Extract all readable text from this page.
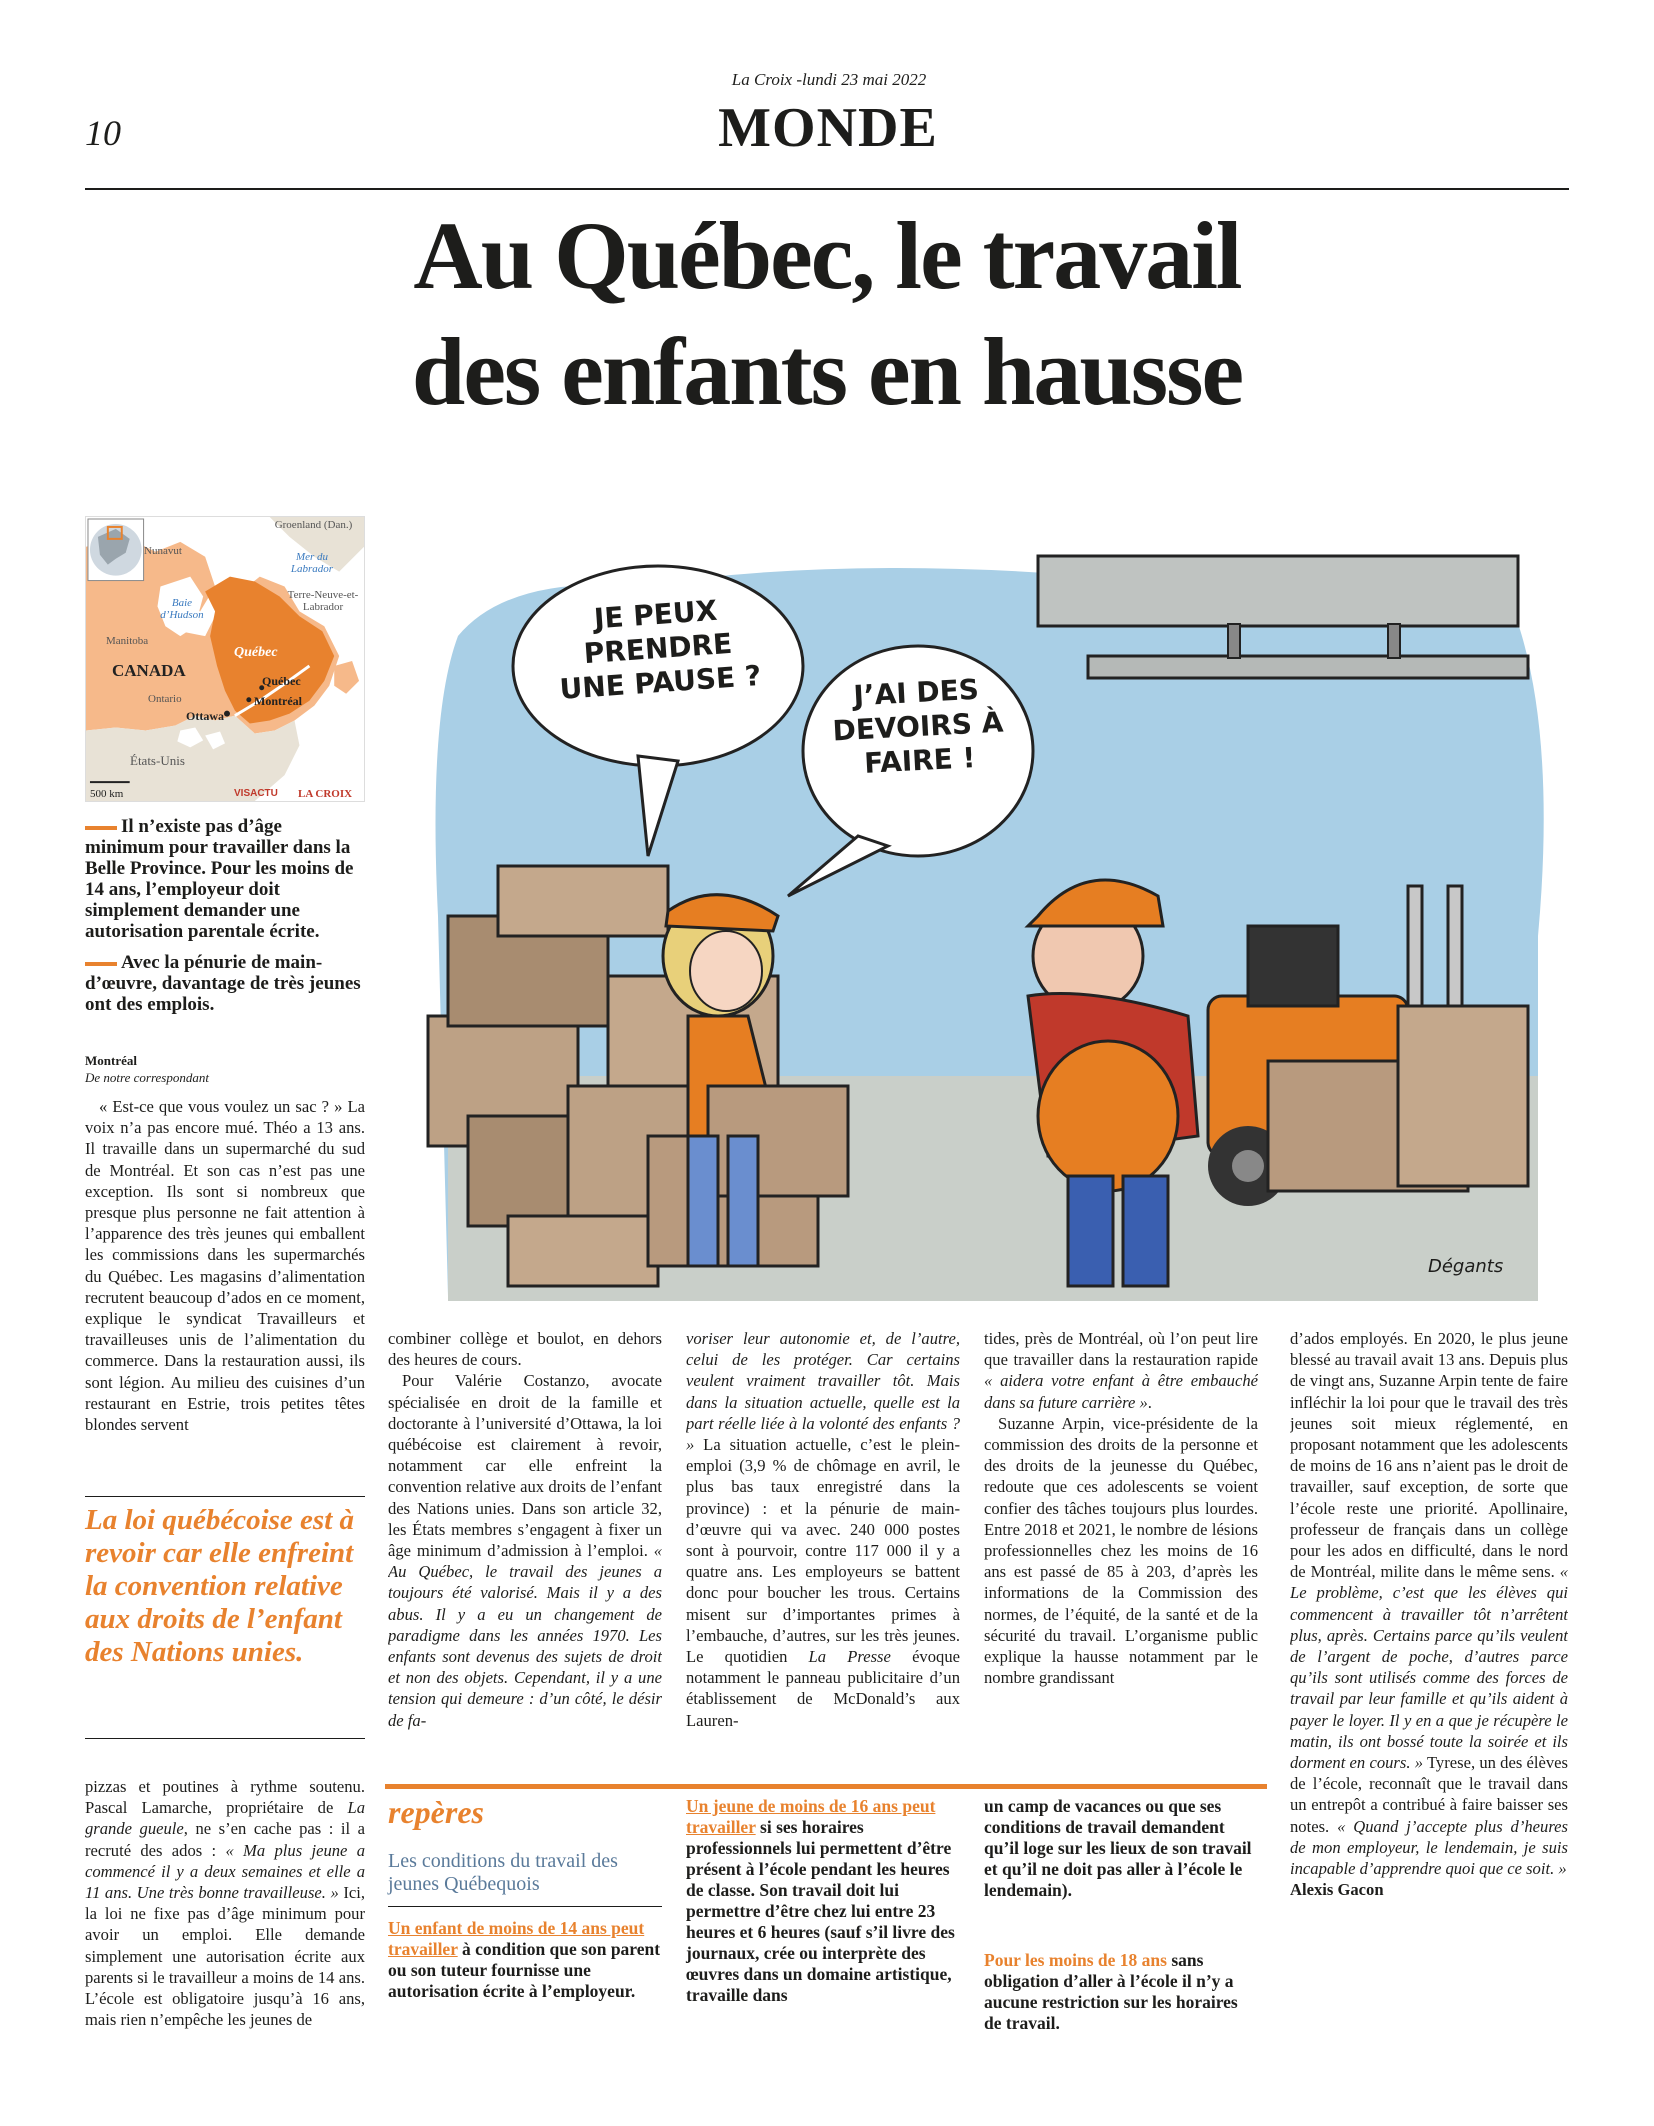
La Croix -lundi 23 mai 2022
10	MONDE
Au Québec, le travail
des enfants en hausse
Groenland (Dan.)
Nunavut	Mer du Labrador
Baie d’Hudson
Terre-Neuve-et-Labrador
Manitoba
Québec
CANADA
Ontario
Québec
Ottawa
Montréal
États-Unis
500 km	VISACTU LA CROIX

Il n’existe pas d’âge minimum pour travailler dans la Belle Province. Pour les moins de 14 ans, l’employeur doit simplement demander une autorisation parentale écrite.

Avec la pénurie de main-d’œuvre, davantage de très jeunes ont des emplois.

Montréal
De notre correspondant

« Est-ce que vous voulez un sac ? » La voix n’a pas encore mué. Théo a 13 ans. Il travaille dans un supermarché du sud de Montréal. Et son cas n’est pas une exception. Ils sont si nombreux que presque plus personne ne fait attention à l’apparence des très jeunes qui emballent les commissions dans les supermarchés du Québec. Les magasins d’alimentation recrutent beaucoup d’ados en ce moment, explique le syndicat Travailleurs et travailleuses unis de l’alimentation du commerce. Dans la restauration aussi, ils sont légion. Au milieu des cuisines d’un restaurant en Estrie, trois petites têtes blondes servent

La loi québécoise est à revoir car elle enfreint la convention relative aux droits de l’enfant des Nations unies.

pizzas et poutines à rythme soutenu. Pascal Lamarche, propriétaire de La grande gueule, ne s’en cache pas : il a recruté des ados : « Ma plus jeune a commencé il y a deux semaines et elle a 11 ans. Une très bonne travailleuse. » Ici, la loi ne fixe pas d’âge minimum pour avoir un emploi. Elle demande simplement une autorisation écrite aux parents si le travailleur a moins de 14 ans. L’école est obligatoire jusqu’à 16 ans, mais rien n’empêche les jeunes de

JE PEUX PRENDRE UNE PAUSE ?	J’AI DES DEVOIRS À FAIRE !
Dégants

combiner collège et boulot, en dehors des heures de cours.

Pour Valérie Costanzo, avocate spécialisée en droit de la famille et doctorante à l’université d’Ottawa, la loi québécoise est clairement à revoir, notamment car elle enfreint la convention relative aux droits de l’enfant des Nations unies. Dans son article 32, les États membres s’engagent à fixer un âge minimum d’admission à l’emploi. « Au Québec, le travail des jeunes a toujours été valorisé. Mais il y a des abus. Il y a eu un changement de paradigme dans les années 1970. Les enfants sont devenus des sujets de droit et non des objets. Cependant, il y a une tension qui demeure : d’un côté, le désir de fa-

voriser leur autonomie et, de l’autre, celui de les protéger. Car certains veulent vraiment travailler tôt. Mais dans la situation actuelle, quelle est la part réelle liée à la volonté des enfants ? » La situation actuelle, c’est le plein-emploi (3,9 % de chômage en avril, le plus bas taux enregistré dans la province) : et la pénurie de main-d’œuvre qui va avec. 240 000 postes sont à pourvoir, contre 117 000 il y a quatre ans. Les employeurs se battent donc pour boucher les trous. Certains misent sur d’importantes primes à l’embauche, d’autres, sur les très jeunes. Le quotidien La Presse évoque notamment le panneau publicitaire d’un établissement de McDonald’s aux Lauren-

tides, près de Montréal, où l’on peut lire que travailler dans la restauration rapide « aidera votre enfant à être embauché dans sa future carrière ».

Suzanne Arpin, vice-présidente de la commission des droits de la personne et des droits de la jeunesse du Québec, redoute que ces adolescents se voient confier des tâches toujours plus lourdes. Entre 2018 et 2021, le nombre de lésions professionnelles chez les moins de 16 ans est passé de 85 à 203, d’après les informations de la Commission des normes, de l’équité, de la santé et de la sécurité du travail. L’organisme public explique la hausse notamment par le nombre grandissant

d’ados employés. En 2020, le plus jeune blessé au travail avait 13 ans. Depuis plus de vingt ans, Suzanne Arpin tente de faire infléchir la loi pour que le travail des très jeunes soit mieux réglementé, en proposant notamment que les adolescents de moins de 16 ans n’aient pas le droit de travailler, sauf exception, de sorte que l’école reste une priorité. Apollinaire, professeur de français dans un collège pour les ados en difficulté, dans le nord de Montréal, milite dans le même sens. « Le problème, c’est que les élèves qui commencent à travailler tôt n’arrêtent plus, après. Certains parce qu’ils veulent de l’argent de poche, d’autres parce qu’ils sont utilisés comme des forces de travail par leur famille et qu’ils aident à payer le loyer. Il y en a que je récupère le matin, ils ont bossé toute la soirée et ils dorment en cours. » Tyrese, un des élèves de l’école, reconnaît que le travail dans un entrepôt a contribué à faire baisser ses notes. « Quand j’accepte plus d’heures de mon employeur, le lendemain, je suis incapable d’apprendre quoi que ce soit. »

Alexis Gacon

repères
Les conditions du travail des jeunes Québequois

Un enfant de moins de 14 ans peut travailler à condition que son parent ou son tuteur fournisse une autorisation écrite à l’employeur.

Un jeune de moins de 16 ans peut travailler si ses horaires professionnels lui permettent d’être présent à l’école pendant les heures de classe. Son travail doit lui permettre d’être chez lui entre 23 heures et 6 heures (sauf s’il livre des journaux, crée ou interprète des œuvres dans un domaine artistique, travaille dans

un camp de vacances ou que ses conditions de travail demandent qu’il loge sur les lieux de son travail et qu’il ne doit pas aller à l’école le lendemain).

Pour les moins de 18 ans sans obligation d’aller à l’école il n’y a aucune restriction sur les horaires de travail.
